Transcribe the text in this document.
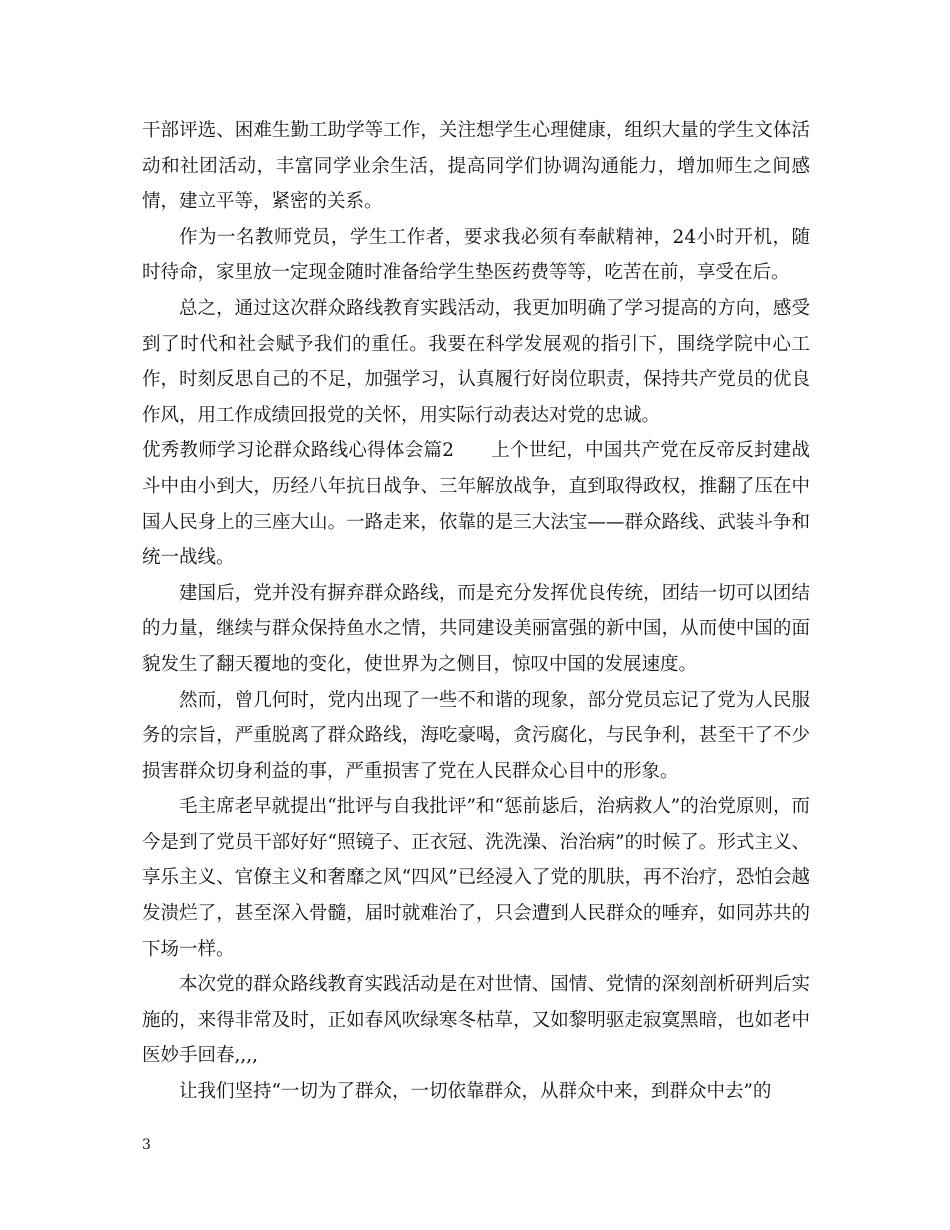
干部评选、困难生勤工助学等工作，关注想学生心理健康，组织大量的学生文体活动和社团活动，丰富同学业余生活，提高同学们协调沟通能力，增加师生之间感情，建立平等，紧密的关系。

作为一名教师党员，学生工作者，要求我必须有奉献精神，24小时开机，随时待命，家里放一定现金随时准备给学生垫医药费等等，吃苦在前，享受在后。

总之，通过这次群众路线教育实践活动，我更加明确了学习提高的方向，感受到了时代和社会赋予我们的重任。我要在科学发展观的指引下，围绕学院中心工作，时刻反思自己的不足，加强学习，认真履行好岗位职责，保持共产党员的优良作风，用工作成绩回报党的关怀，用实际行动表达对党的忠诚。

优秀教师学习论群众路线心得体会篇2 上个世纪，中国共产党在反帝反封建战斗中由小到大，历经八年抗日战争、三年解放战争，直到取得政权，推翻了压在中国人民身上的三座大山。一路走来，依靠的是三大法宝——群众路线、武装斗争和统一战线。

建国后，党并没有摒弃群众路线，而是充分发挥优良传统，团结一切可以团结的力量，继续与群众保持鱼水之情，共同建设美丽富强的新中国，从而使中国的面貌发生了翻天覆地的变化，使世界为之侧目，惊叹中国的发展速度。

然而，曾几何时，党内出现了一些不和谐的现象，部分党员忘记了党为人民服务的宗旨，严重脱离了群众路线，海吃豪喝，贪污腐化，与民争利，甚至干了不少损害群众切身利益的事，严重损害了党在人民群众心目中的形象。

毛主席老早就提出“批评与自我批评”和“惩前毖后，治病救人”的治党原则，而今是到了党员干部好好“照镜子、正衣冠、洗洗澡、治治病”的时候了。形式主义、享乐主义、官僚主义和奢靡之风“四风”已经浸入了党的肌肤，再不治疗，恐怕会越发溃烂了，甚至深入骨髓，届时就难治了，只会遭到人民群众的唾弃，如同苏共的下场一样。

本次党的群众路线教育实践活动是在对世情、国情、党情的深刻剖析研判后实施的，来得非常及时，正如春风吹绿寒冬枯草，又如黎明驱走寂寞黑暗，也如老中医妙手回春,,,,

让我们坚持“一切为了群众，一切依靠群众，从群众中来，到群众中去”的

3
